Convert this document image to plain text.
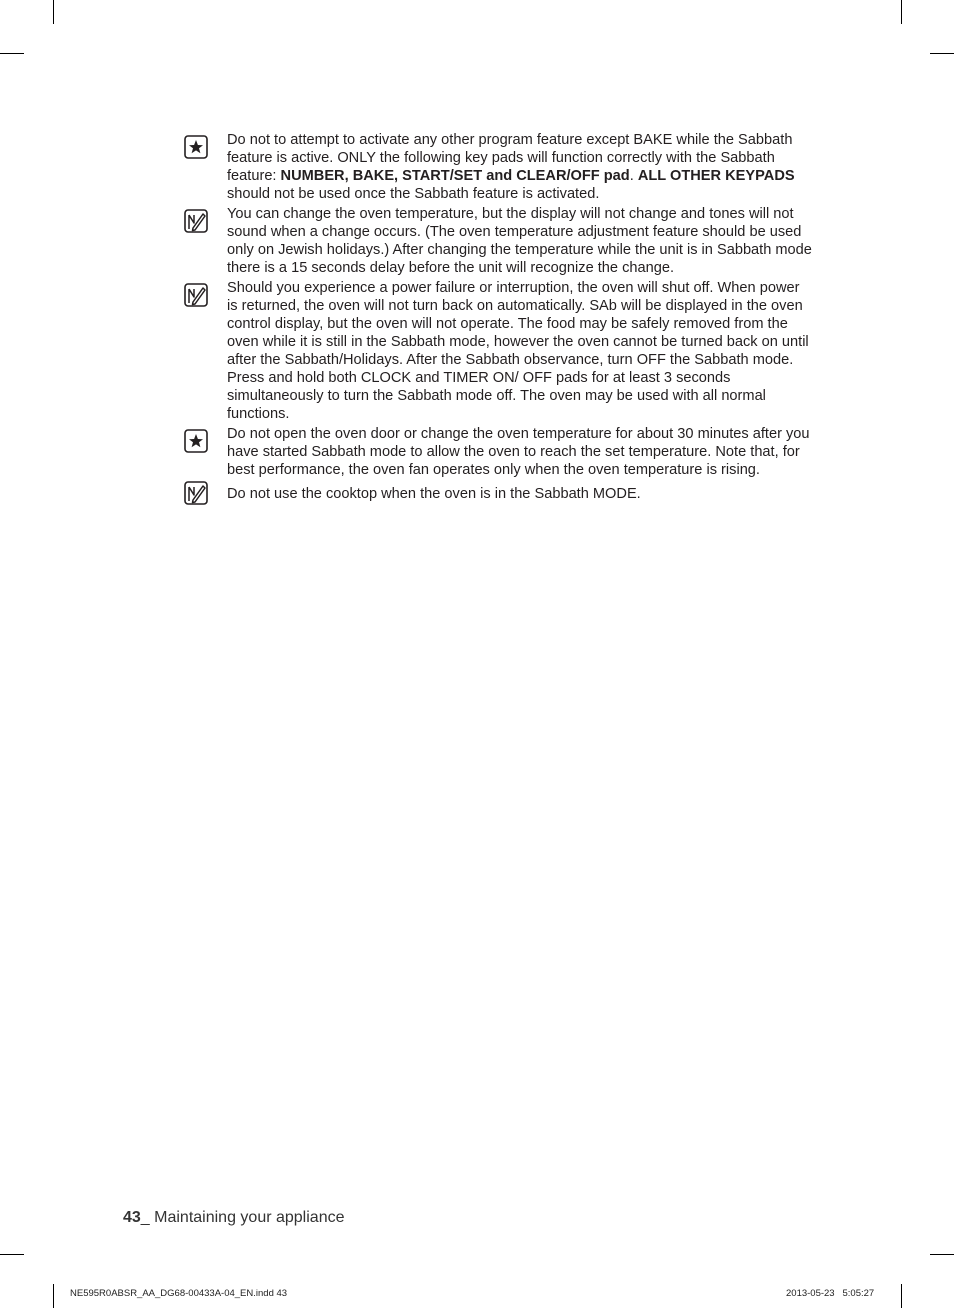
Do not to attempt to activate any other program feature except BAKE while the Sabbath feature is active. ONLY the following key pads will function correctly with the Sabbath feature: NUMBER, BAKE, START/SET and CLEAR/OFF pad. ALL OTHER KEYPADS should not be used once the Sabbath feature is activated.
You can change the oven temperature, but the display will not change and tones will not sound when a change occurs. (The oven temperature adjustment feature should be used only on Jewish holidays.) After changing the temperature while the unit is in Sabbath mode there is a 15 seconds delay before the unit will recognize the change.
Should you experience a power failure or interruption, the oven will shut off. When power is returned, the oven will not turn back on automatically. SAb will be displayed in the oven control display, but the oven will not operate. The food may be safely removed from the oven while it is still in the Sabbath mode, however the oven cannot be turned back on until after the Sabbath/Holidays. After the Sabbath observance, turn OFF the Sabbath mode. Press and hold both CLOCK and TIMER ON/ OFF pads for at least 3 seconds simultaneously to turn the Sabbath mode off. The oven may be used with all normal functions.
Do not open the oven door or change the oven temperature for about 30 minutes after you have started Sabbath mode to allow the oven to reach the set temperature. Note that, for best performance, the oven fan operates only when the oven temperature is rising.
Do not use the cooktop when the oven is in the Sabbath MODE.
43_ Maintaining your appliance
NE595R0ABSR_AA_DG68-00433A-04_EN.indd 43	2013-05-23   5:05:27
